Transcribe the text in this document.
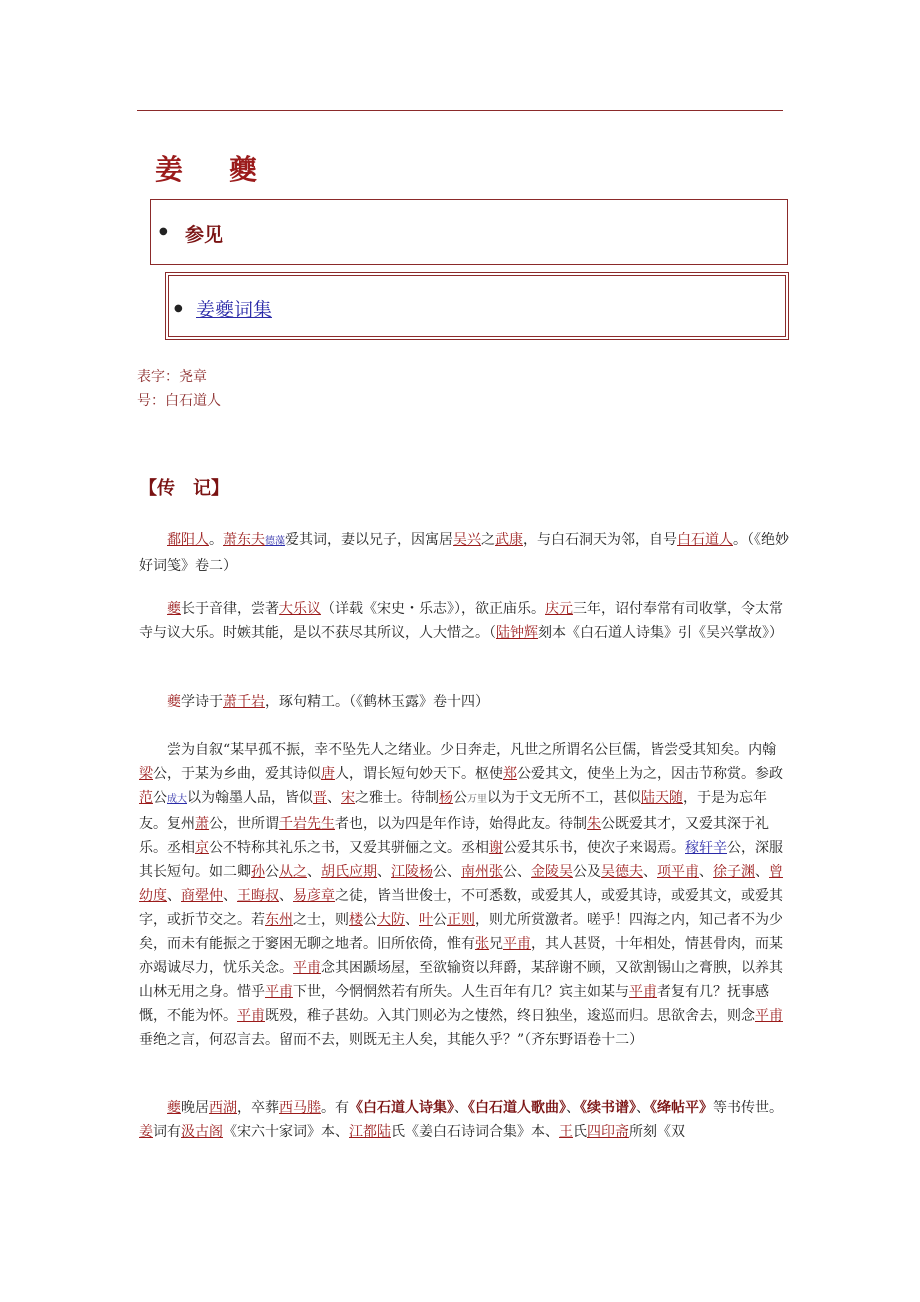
姜 夔
● 参见
● 姜夔词集
表字：尧章
号：白石道人
【传　记】

鄱阳人。萧东夫德藻爱其词，妻以兄子，因寓居吴兴之武康，与白石洞天为邻，自号白石道人。（《绝妙好词笺》卷二）

夔长于音律，尝著大乐议（详载《宋史・乐志》），欲正庙乐。庆元三年，诏付奉常有司收掌，令太常寺与议大乐。时嫉其能，是以不获尽其所议，人大惜之。（陆钟辉刻本《白石道人诗集》引《吴兴掌故》）

夔学诗于萧千岩，琢句精工。（《鹤林玉露》卷十四）

尝为自叙“某早孤不振，幸不坠先人之绪业。少日奔走，凡世之所谓名公巨儒，皆尝受其知矣。内翰梁公，于某为乡曲，爱其诗似唐人，谓长短句妙天下。枢使郑公爱其文，使坐上为之，因击节称赏。参政范公成大以为翰墨人品，皆似晋、宋之雅士。待制杨公万里以为于文无所不工，甚似陆天随，于是为忘年友。复州萧公，世所谓千岩先生者也，以为四是年作诗，始得此友。待制朱公既爱其才，又爱其深于礼乐。丞相京公不特称其礼乐之书，又爱其骈俪之文。丞相谢公爱其乐书，使次子来谒焉。稼轩辛公，深服其长短句。如二卿孙公从之、胡氏应期、江陵杨公、南州张公、金陵吴公及吴德夫、项平甫、徐子渊、曾幼度、商翚仲、王晦叔、易彦章之徒，皆当世俊士，不可悉数，或爱其人，或爱其诗，或爱其文，或爱其字，或折节交之。若东州之士，则楼公大防、叶公正则，则尤所赏激者。嗟乎！四海之内，知己者不为少矣，而未有能振之于窭困无聊之地者。旧所依倚，惟有张兄平甫，其人甚贤，十年相处，情甚骨肉，而某亦竭诚尽力，忧乐关念。平甫念其困踬场屋，至欲输资以拜爵，某辞谢不顾，又欲割锡山之膏腴，以养其山林无用之身。惜乎平甫下世，今惘惘然若有所失。人生百年有几？宾主如某与平甫者复有几？抚事感慨，不能为怀。平甫既殁，稚子甚幼。入其门则必为之悽然，终日独坐，逡巡而归。思欲舍去，则念平甫垂绝之言，何忍言去。留而不去，则既无主人矣，其能久乎？”（齐东野语卷十二）

夔晚居西湖，卒葬西马塍。有《白石道人诗集》、《白石道人歌曲》、《续书谱》、《绛帖平》等书传世。姜词有汲古阁《宋六十家词》本、江都陆氏《姜白石诗词合集》本、王氏四印斋所刻《双
